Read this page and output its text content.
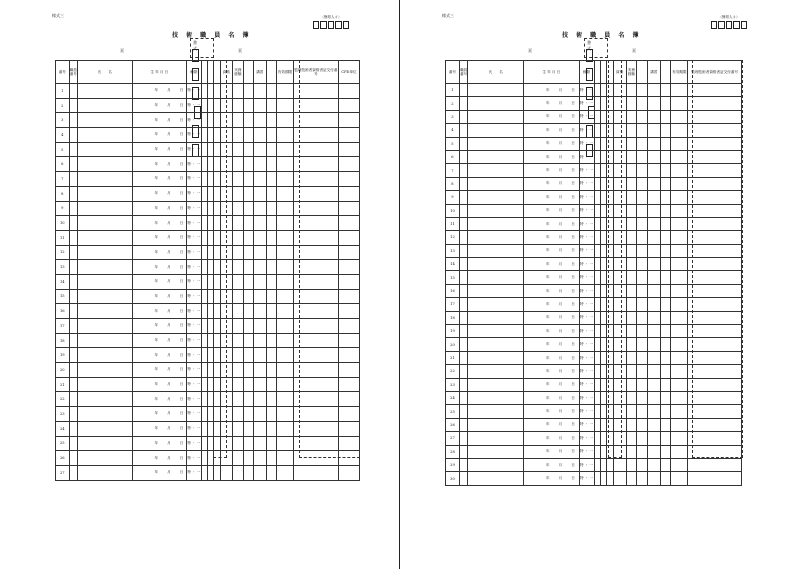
様式三	（簡易人々）
技 術 職 員 名 簿
頁
書 式
	頁
番号	職員番号	氏　　名	生 年 月 日	種類				資格	実務経験		講習		有効期限	監理技術者資格者証交付番号	CPD単位
1			年 月 日	特 ・ 一											
2			年 月 日	特 ・ 一											
3			年 月 日	特 ・ 一											
4			年 月 日	特 ・ 一											
5			年 月 日	特 ・ 一											
6			年 月 日	特 ・ 一											
7			年 月 日	特 ・ 一											
8			年 月 日	特 ・ 一											
9			年 月 日	特 ・ 一											
10			年 月 日	特 ・ 一											
11			年 月 日	特 ・ 一											
12			年 月 日	特 ・ 一											
13			年 月 日	特 ・ 一											
14			年 月 日	特 ・ 一											
15			年 月 日	特 ・ 一											
16			年 月 日	特 ・ 一											
17			年 月 日	特 ・ 一											
18			年 月 日	特 ・ 一											
19			年 月 日	特 ・ 一											
20			年 月 日	特 ・ 一											
21			年 月 日	特 ・ 一											
22			年 月 日	特 ・ 一											
23			年 月 日	特 ・ 一											
24			年 月 日	特 ・ 一											
25			年 月 日	特 ・ 一											
26			年 月 日	特 ・ 一											
27			年 月 日	特 ・ 一											
様式三	（簡易人々）
技 術 職 員 名 簿
頁
書 式
	頁
番号	職員番号	氏　　名	生 年 月 日	種類				資格	実務経験		講習		有効期限	監理技術者資格者証交付番号
1			年 月 日	特 ・ 一										
2			年 月 日	特 ・ 一										
3			年 月 日	特 ・ 一										
4			年 月 日	特 ・ 一										
5			年 月 日	特 ・ 一										
6			年 月 日	特 ・ 一										
7			年 月 日	特 ・ 一										
8			年 月 日	特 ・ 一										
9			年 月 日	特 ・ 一										
10			年 月 日	特 ・ 一										
11			年 月 日	特 ・ 一										
12			年 月 日	特 ・ 一										
13			年 月 日	特 ・ 一										
14			年 月 日	特 ・ 一										
15			年 月 日	特 ・ 一										
16			年 月 日	特 ・ 一										
17			年 月 日	特 ・ 一										
18			年 月 日	特 ・ 一										
19			年 月 日	特 ・ 一										
20			年 月 日	特 ・ 一										
21			年 月 日	特 ・ 一										
22			年 月 日	特 ・ 一										
23			年 月 日	特 ・ 一										
24			年 月 日	特 ・ 一										
25			年 月 日	特 ・ 一										
26			年 月 日	特 ・ 一										
27			年 月 日	特 ・ 一										
28			年 月 日	特 ・ 一										
29			年 月 日	特 ・ 一										
30			年 月 日	特 ・ 一										
